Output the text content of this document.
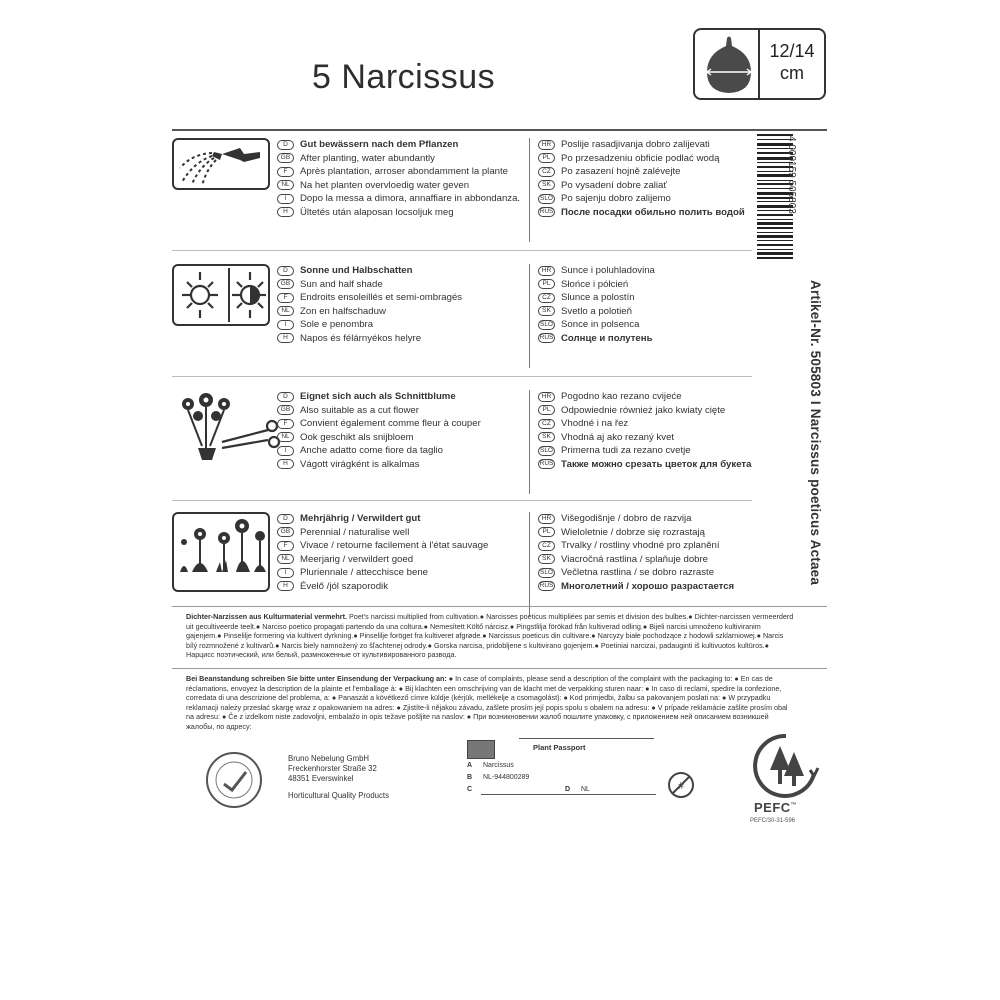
5 Narcissus
12/14
cm
4 000159 505803
Artikel-Nr. 505803 I Narcissus poeticus Actaea
D	Gut bewässern nach dem Pflanzen
GB	After planting, water abundantly
F	Après plantation, arroser abondamment la plante
NL	Na het planten overvloedig water geven
I	Dopo la messa a dimora, annaffiare in abbondanza.
H	Ültetés után alaposan locsoljuk meg
HR	Poslije rasadjivanja dobro zalijevati
PL	Po przesadzeniu obficie podlać wodą
CZ	Po zasazení hojně zalévejte
SK	Po vysadení dobre zaliať
SLO Po sajenju dobro zalijemo
RUS После посадки обильно полить водой
D	Sonne und Halbschatten
GB	Sun and half shade
F	Endroits ensoleillés et semi-ombragés
NL	Zon en halfschaduw
I	Sole e penombra
H	Napos és félárnyékos helyre
HR	Sunce i poluhladovina
PL	Słońce i półcień
CZ	Slunce a polostín
SK	Svetlo a polotieň
SLO Sonce in polsenca
RUS Солнце и полутень
D	Eignet sich auch als Schnittblume
GB	Also suitable as a cut flower
F	Convient également comme fleur à couper
NL	Ook geschikt als snijbloem
I	Anche adatto come fiore da taglio
H	Vágott virágként is alkalmas
HR	Pogodno kao rezano cvijeće
PL	Odpowiednie również jako kwiaty cięte
CZ	Vhodné i na řez
SK	Vhodná aj ako rezaný kvet
SLO Primerna tudi za rezano cvetje
RUS Также можно срезать цветок для букета
D	Mehrjährig / Verwildert gut
GB	Perennial / naturalise well
F	Vivace / retourne facilement à l'état sauvage
NL	Meerjarig / verwildert goed
I	Pluriennale / attecchisce bene
H	Évelő /jól szaporodik
HR	Višegodišnje / dobro de razvija
PL	Wieloletnie / dobrze się rozrastają
CZ	Trvalky / rostliny vhodné pro zplanění
SK	Viacročná rastlina / splaňuje dobre
SLO Večletna rastlina / se dobro razraste
RUS Многолетний / хорошо разрастается
Dichter-Narzissen aus Kulturmaterial vermehrt. Poet's narcissi multiplied from cultivation.● Narcisses poeticus multipliées par semis et division des bulbes.● Dichter-narcissen vermeerderd uit gecultiveerde teelt.● Narciso poetico propagati partendo da una coltura.● Nemesített Költő nárcisz.● Pingstlilja förökad från kultiverad odling.● Bijeli narcisi umnoženo kultiviranim gajenjem.● Pinselilje formering via kultivert dyrkning.● Pinselilje foröget fra kultiveret afgrøde.● Narcissus poeticus din cultivare.● Narcyzy białe pochodzące z hodowli szklarniowej.● Narcis bílý rozmnožené z kultivarů.● Narcis biely namnožený zo šľachtenej odrody.● Gorska narcisa, pridobljene s kultivirano gojenjem.● Poetiniai narcizai, padauginti iš kultivuotos kultūros.● Нарцисс поэтический, или белый, размноженные от культивированного развода.
Bei Beanstandung schreiben Sie bitte unter Einsendung der Verpackung an: ● In case of complaints, please send a description of the complaint with the packaging to: ● En cas de réclamations, envoyez la description de la plainte et l'emballage à: ● Bij klachten een omschrijving van de klacht met de verpakking sturen naar: ● In caso di reclami, spedire la confezione, corredata di una descrizione del problema, a: ● Panaszát a kövétkező címre küldje (kérjük, mellékelje a csomagolást): ● Kod primjedbi, žalbu sa pakovanjem poslati na: ● W przypadku reklamacji należy przesłać skargę wraz z opakowaniem na adres: ● Zjistíte-li nějakou závadu, zašlete prosím její popis spolu s obalem na adresu: ● V prípade reklamácie zašlite prosím obal na adresu: ● Če z izdelkom niste zadovoljni, embalažo in opis težave pošljite na naslov: ● При возникновении жалоб пошлите упаковку, с приложением ней описанием возникшей жалобы, по адресу:
Bruno Nebelung GmbH
Freckenhorster Straße 32
48351 Everswinkel
Horticultural Quality Products
Plant Passport
A	Narcissus
B	NL-944800289
C	D	NL	#
PEFC™
PEFC/30-31-596
